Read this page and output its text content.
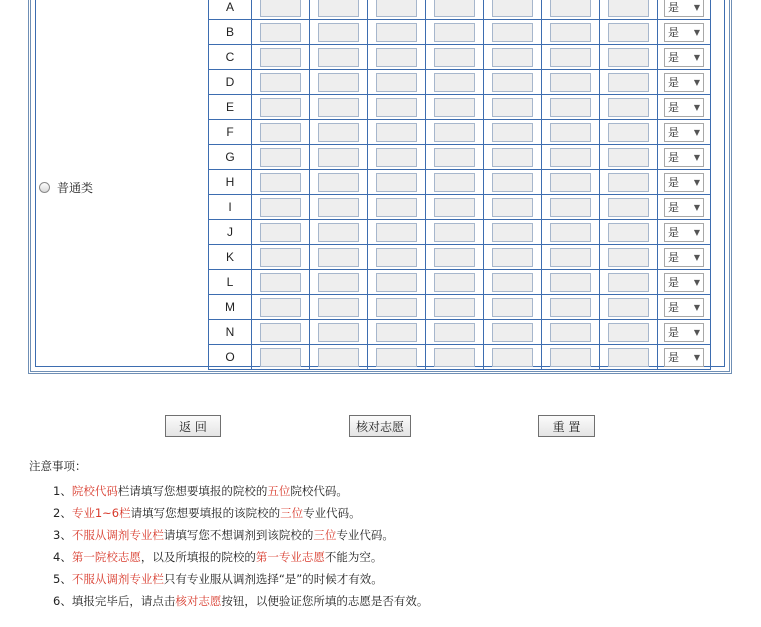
普通类
A								是 ▼

B								是 ▼

C								是 ▼

D								是 ▼

E								是 ▼

F								是 ▼

G								是 ▼

H								是 ▼

I								是 ▼

J								是 ▼

K								是 ▼

L								是 ▼

M								是 ▼

N								是 ▼

O								是 ▼
返 回	核对志愿	重 置
注意事项：
1、院校代码栏请填写您想要填报的院校的五位院校代码。
2、专业1~6栏请填写您想要填报的该院校的三位专业代码。
3、不服从调剂专业栏请填写您不想调剂到该院校的三位专业代码。
4、第一院校志愿，以及所填报的院校的第一专业志愿不能为空。
5、不服从调剂专业栏只有专业服从调剂选择“是”的时候才有效。
6、填报完毕后，请点击核对志愿按钮，以便验证您所填的志愿是否有效。
